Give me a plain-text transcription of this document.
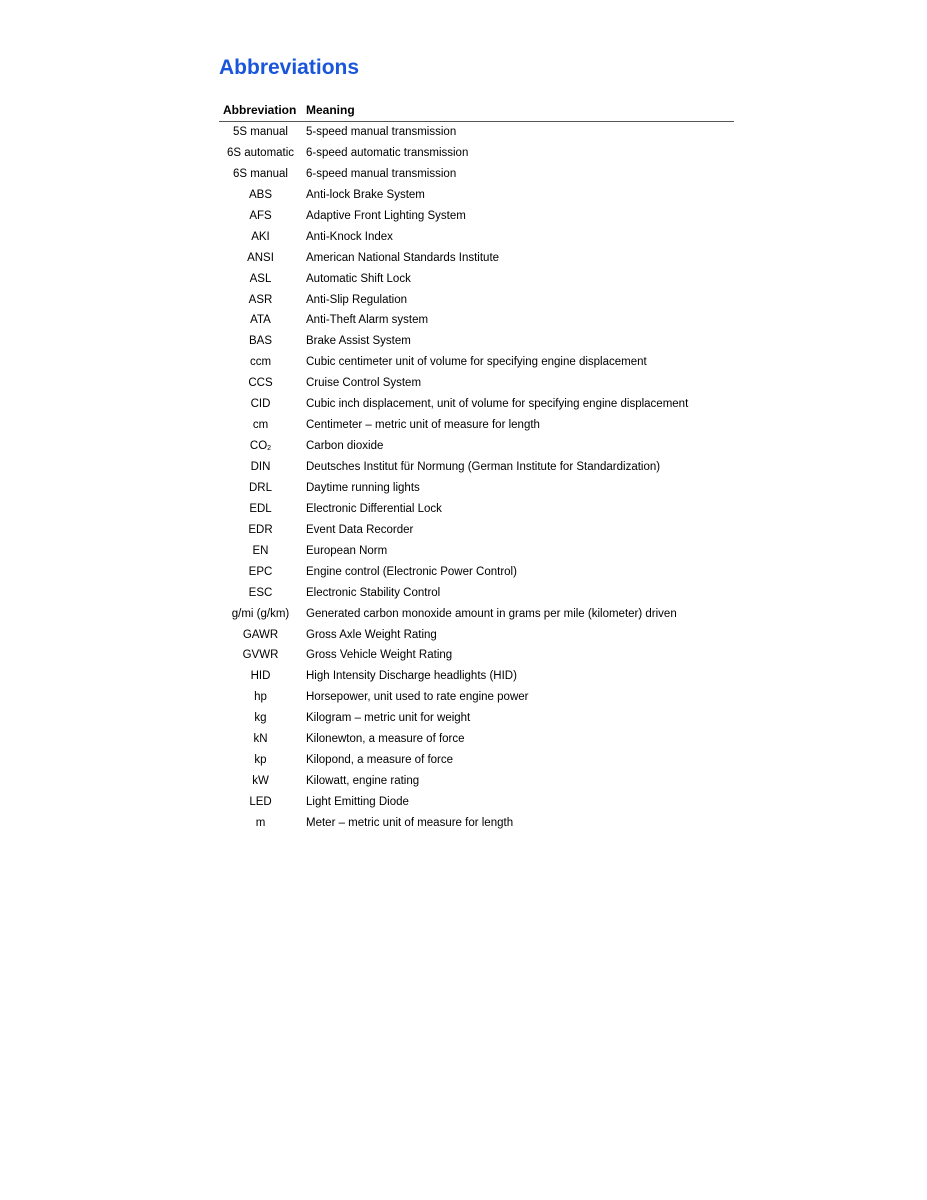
Abbreviations
Abbreviation Meaning
5S manual	5-speed manual transmission
6S automatic	6-speed automatic transmission
6S manual	6-speed manual transmission
ABS	Anti-lock Brake System
AFS	Adaptive Front Lighting System
AKI	Anti-Knock Index
ANSI	American National Standards Institute
ASL	Automatic Shift Lock
ASR	Anti-Slip Regulation
ATA	Anti-Theft Alarm system
BAS	Brake Assist System
ccm	Cubic centimeter unit of volume for specifying engine displacement
CCS	Cruise Control System
CID	Cubic inch displacement, unit of volume for specifying engine displacement
cm	Centimeter – metric unit of measure for length
$CO_2$	Carbon dioxide
DIN	Deutsches Institut für Normung (German Institute for Standardization)
DRL	Daytime running lights
EDL	Electronic Differential Lock
EDR	Event Data Recorder
EN	European Norm
EPC	Engine control (Electronic Power Control)
ESC	Electronic Stability Control
g/mi (g/km)	Generated carbon monoxide amount in grams per mile (kilometer) driven
GAWR	Gross Axle Weight Rating
GVWR	Gross Vehicle Weight Rating
HID	High Intensity Discharge headlights (HID)
hp	Horsepower, unit used to rate engine power
kg	Kilogram – metric unit for weight
kN	Kilonewton, a measure of force
kp	Kilopond, a measure of force
kW	Kilowatt, engine rating
LED	Light Emitting Diode
m	Meter – metric unit of measure for length
